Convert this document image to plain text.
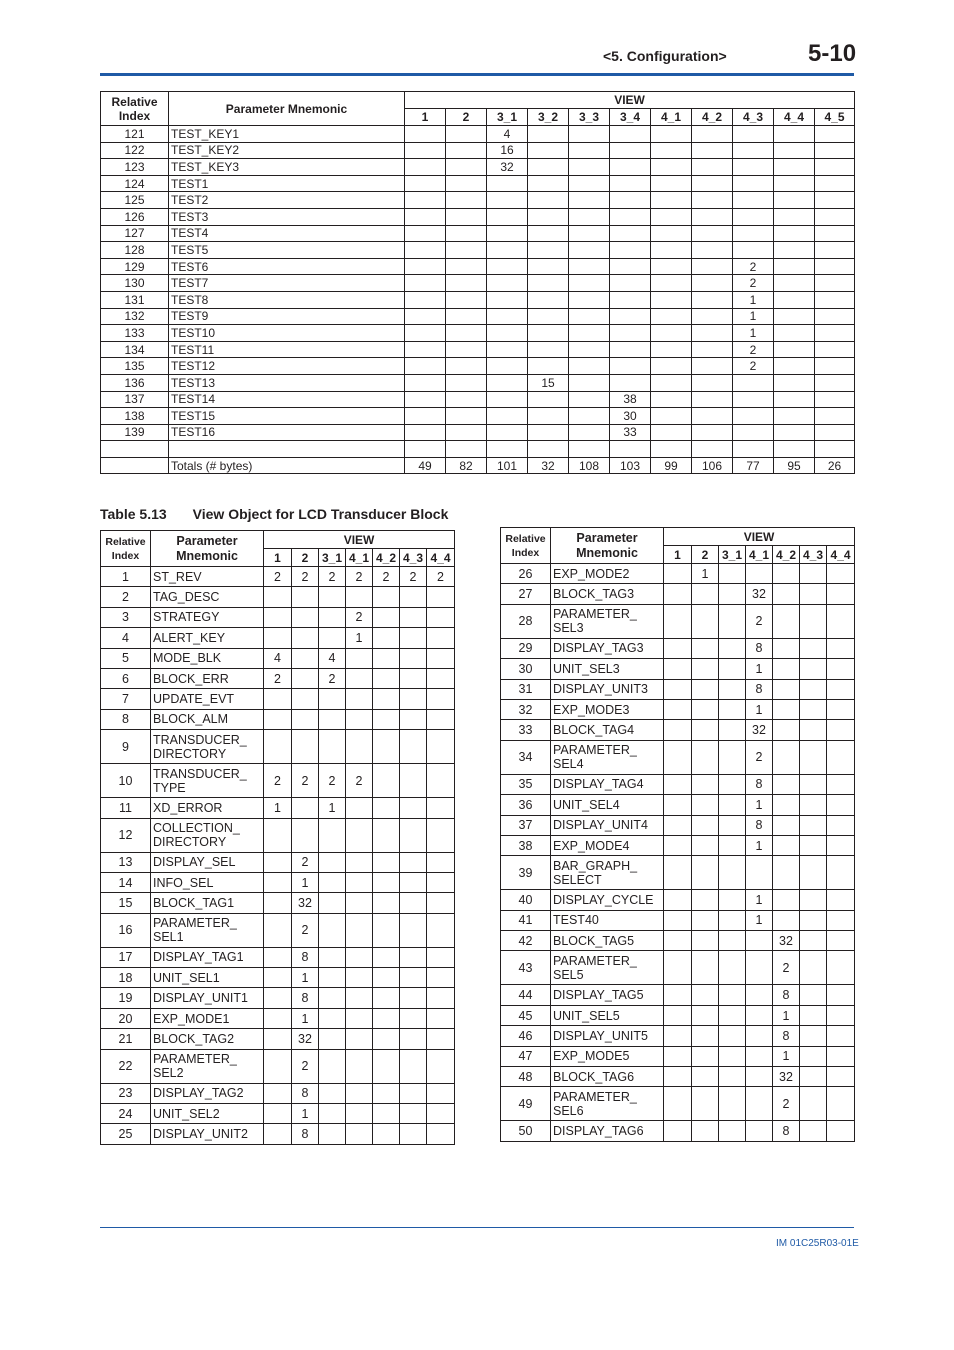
<5. Configuration>	5-10
Relative Index	Parameter Mnemonic	VIEW										
		1	2	3_1	3_2	3_3	3_4	4_1	4_2	4_3	4_4	4_5
121	TEST_KEY1			4								
122	TEST_KEY2			16								
123	TEST_KEY3			32								
124	TEST1											
125	TEST2											
126	TEST3											
127	TEST4											
128	TEST5											
129	TEST6									2		
130	TEST7									2		
131	TEST8									1		
132	TEST9									1		
133	TEST10									1		
134	TEST11									2		
135	TEST12									2		
136	TEST13				15							
137	TEST14						38					
138	TEST15						30					
139	TEST16						33					

	Totals (# bytes)	49	82	101	32	108	103	99	106	77	95	26
Table 5.13 View Object for LCD Transducer Block
Relative Index	Parameter Mnemonic	VIEW						
		1	2	3_1	4_1	4_2	4_3	4_4
1	ST_REV	2	2	2	2	2	2	2
2	TAG_DESC							
3	STRATEGY				2			
4	ALERT_KEY				1			
5	MODE_BLK	4		4				
6	BLOCK_ERR	2		2				
7	UPDATE_EVT							
8	BLOCK_ALM							
9	TRANSDUCER_ DIRECTORY							
10	TRANSDUCER_ TYPE	2	2	2	2			
11	XD_ERROR	1		1				
12	COLLECTION_ DIRECTORY							
13	DISPLAY_SEL		2					
14	INFO_SEL		1					
15	BLOCK_TAG1		32					
16	PARAMETER_ SEL1		2					
17	DISPLAY_TAG1		8					
18	UNIT_SEL1		1					
19	DISPLAY_UNIT1		8					
20	EXP_MODE1		1					
21	BLOCK_TAG2		32					
22	PARAMETER_ SEL2		2					
23	DISPLAY_TAG2		8					
24	UNIT_SEL2		1					
25	DISPLAY_UNIT2		8					
Relative Index	Parameter Mnemonic	VIEW						
		1	2	3_1	4_1	4_2	4_3	4_4
26	EXP_MODE2		1					
27	BLOCK_TAG3				32			
28	PARAMETER_ SEL3				2			
29	DISPLAY_TAG3				8			
30	UNIT_SEL3				1			
31	DISPLAY_UNIT3				8			
32	EXP_MODE3				1			
33	BLOCK_TAG4				32			
34	PARAMETER_ SEL4				2			
35	DISPLAY_TAG4				8			
36	UNIT_SEL4				1			
37	DISPLAY_UNIT4				8			
38	EXP_MODE4				1			
39	BAR_GRAPH_ SELECT							
40	DISPLAY_CYCLE				1			
41	TEST40				1			
42	BLOCK_TAG5					32		
43	PARAMETER_ SEL5					2		
44	DISPLAY_TAG5					8		
45	UNIT_SEL5					1		
46	DISPLAY_UNIT5					8		
47	EXP_MODE5					1		
48	BLOCK_TAG6					32		
49	PARAMETER_ SEL6					2		
50	DISPLAY_TAG6					8		
IM 01C25R03-01E
